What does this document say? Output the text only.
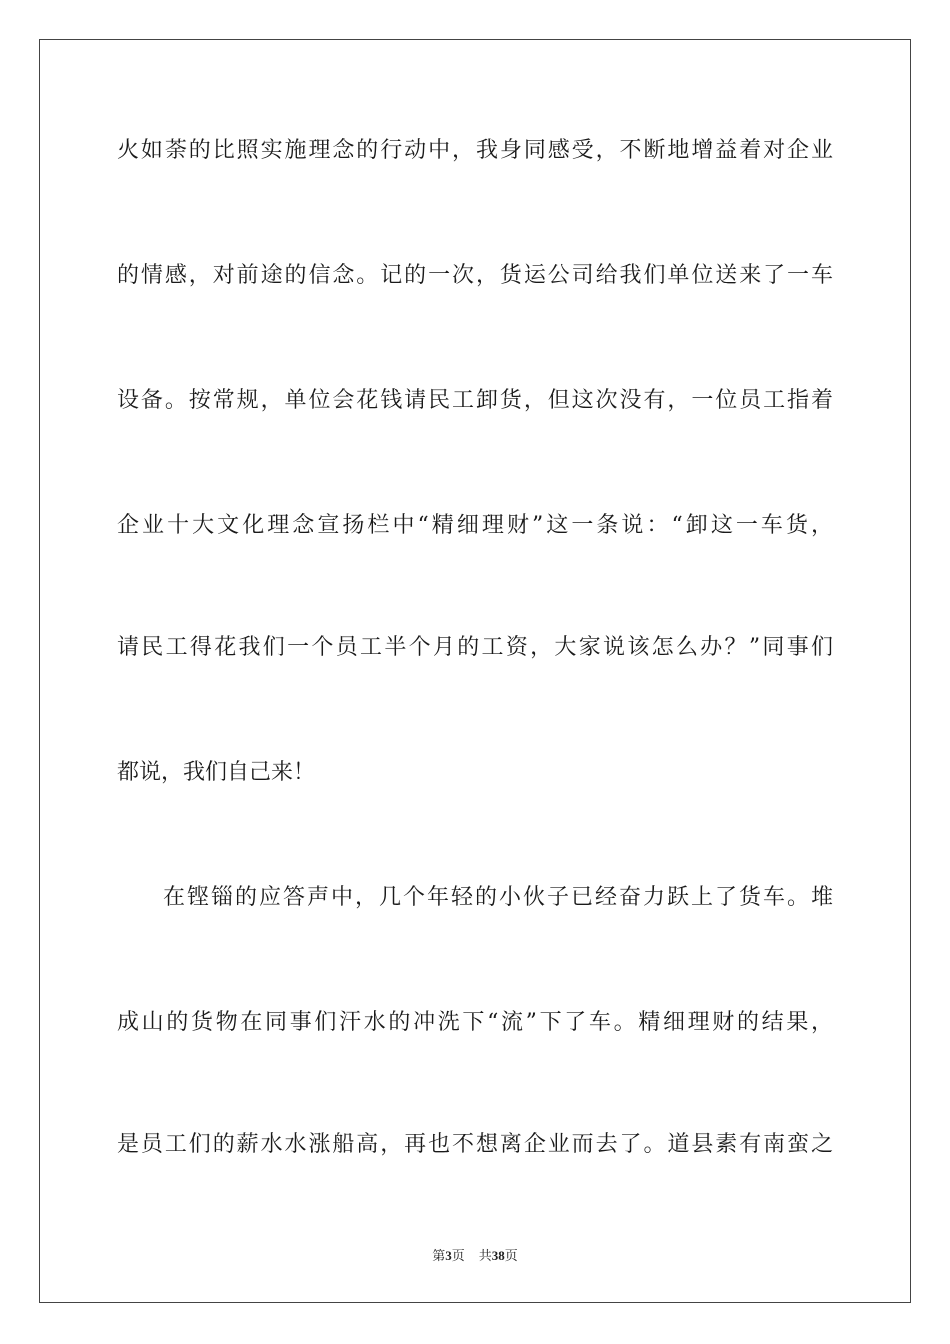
火如荼的比照实施理念的行动中，我身同感受，不断地增益着对企业
的情感，对前途的信念。记的一次，货运公司给我们单位送来了一车
设备。按常规，单位会花钱请民工卸货，但这次没有，一位员工指着
企业十大文化理念宣扬栏中“精细理财”这一条说：“卸这一车货，
请民工得花我们一个员工半个月的工资，大家说该怎么办？”同事们
都说，我们自己来！
在铿锱的应答声中，几个年轻的小伙子已经奋力跃上了货车。堆
成山的货物在同事们汗水的冲洗下“流”下了车。精细理财的结果，
是员工们的薪水水涨船高，再也不想离企业而去了。道县素有南蛮之
第3页 共38页
